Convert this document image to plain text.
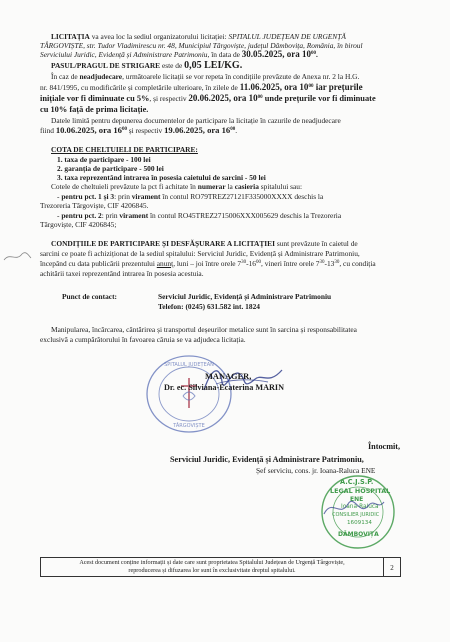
LICITAȚIA va avea loc la sediul organizatorului licitației: SPITALUL JUDEȚEAN DE URGENȚĂ
TÂRGOVIȘTE, str. Tudor Vladimirescu nr. 48, Municipiul Târgoviște, județul Dâmbovița, România, în biroul
Serviciului Juridic, Evidență și Administrare Patrimoniu, în data de 30.05.2025, ora $10^{00}$.
PASUL/PRAGUL DE STRIGARE este de 0,05 LEI/KG.
În caz de neadjudecare, următoarele licitații se vor repeta în condițiile prevăzute de Anexa nr. 2 la H.G.
nr. 841/1995, cu modificările și completările ulterioare, în zilele de 11.06.2025, ora $10^{00}$ iar prețurile
inițiale vor fi diminuate cu 5%, și respectiv 20.06.2025, ora $10^{00}$ unde prețurile vor fi diminuate
cu 10% față de prima licitație.
Datele limită pentru depunerea documentelor de participare la licitație în cazurile de neadjudecare
fiind 10.06.2025, ora $16^{00}$ și respectiv 19.06.2025, ora $16^{00}$.
COTA DE CHELTUIELI DE PARTICIPARE:
1. taxa de participare - 100 lei
2. garanția de participare - 500 lei
3. taxa reprezentând intrarea în posesia caietului de sarcini - 50 lei
Cotele de cheltuieli prevăzute la pct fi achitate în numerar la casieria spitalului sau:
- pentru pct. 1 și 3: prin virament în contul RO79TREZ27121F335000XXXX deschis la
Trezoreria Târgoviște, CIF 4206845.
- pentru pct. 2: prin virament în contul RO45TREZ2715006XXX005629 deschis la Trezoreria
Târgoviște, CIF 4206845;
CONDIȚIILE DE PARTICIPARE ȘI DESFĂȘURARE A LICITAȚIEI sunt prevăzute în caietul de
sarcini ce poate fi achiziționat de la sediul spitalului: Serviciul Juridic, Evidență și Administrare Patrimoniu,
începând cu data publicării prezentului anunț, luni – joi între orele $7^{30}-16^{00}$, vineri între orele $7^{30}-13^{30}$, cu condiția
achitării taxei reprezentând intrarea în posesia acestuia.
Punct de contact:	Serviciul Juridic, Evidență și Administrare Patrimoniu
Telefon: (0245) 631.582 int. 1824
Manipularea, încărcarea, cântărirea și transportul deșeurilor metalice sunt în sarcina și responsabilitatea
exclusivă a cumpărătorului în favoarea căruia se va adjudeca licitația.
SPITALUL JUDEȚEAN
TÂRGOVIȘTE
MANAGER,
Dr. ec. Silviana-Ecaterina MARIN
Întocmit,
Serviciul Juridic, Evidență și Administrare Patrimoniu,
Șef serviciu, cons. jr. Ioana-Raluca ENE
A.C.J.S.P.
LEGAL HOSPITAL
ENE
Ioana-Raluca
CONSILIER JURIDIC
1609134
DÂMBOVIȚA
Acest document conține informații și date care sunt proprietatea Spitalului Județean de Urgență Târgoviște,
reproducerea și difuzarea lor sunt în exclusivitate dreptul spitalului.	2
